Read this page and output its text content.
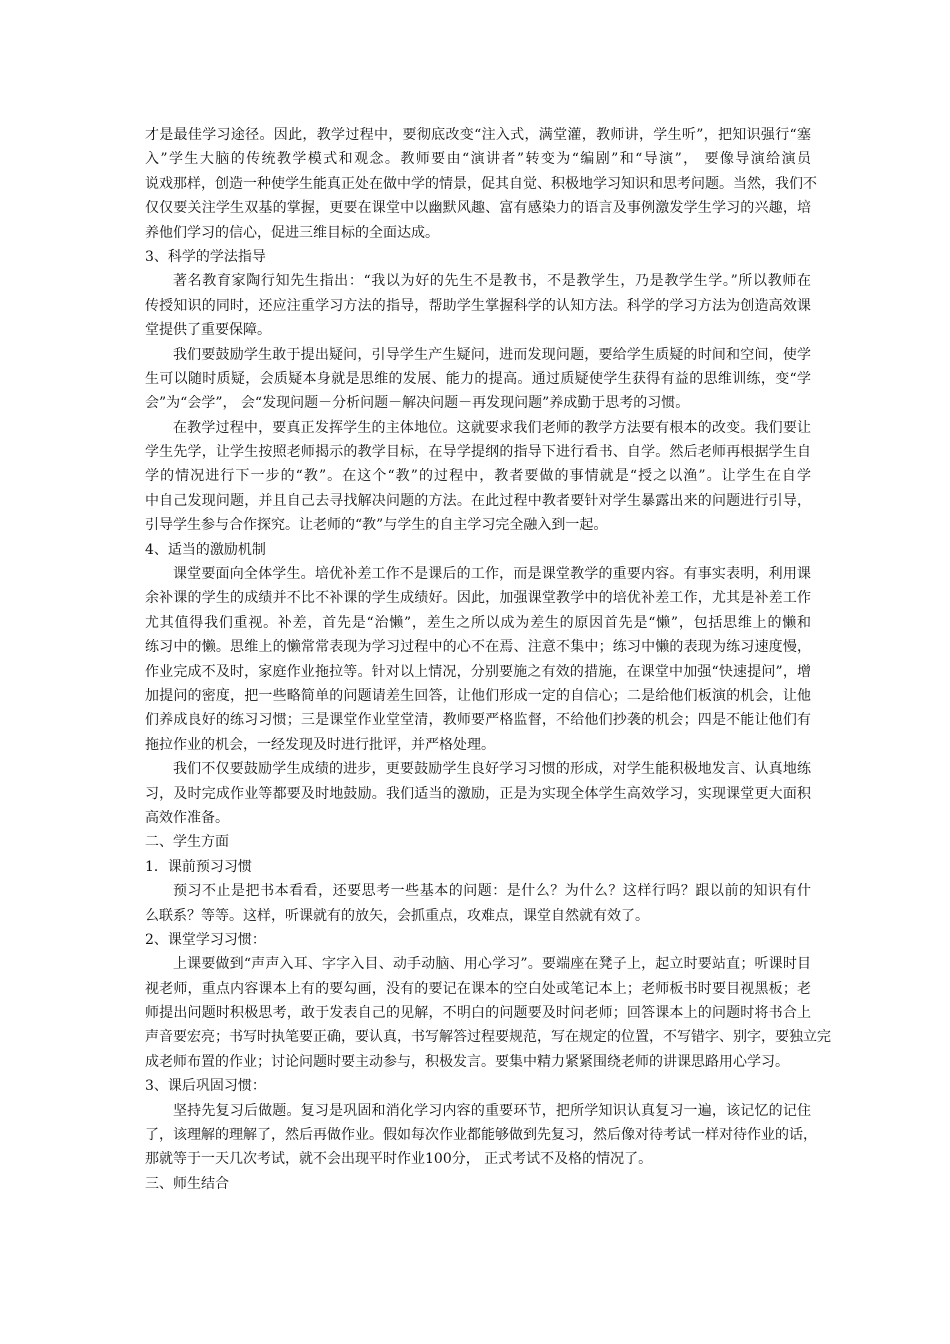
才是最佳学习途径。因此，教学过程中，要彻底改变“注入式，满堂灌，教师讲，学生听”，把知识强行“塞
入”学生大脑的传统教学模式和观念。教师要由“演讲者”转变为“编剧”和“导演”， 要像导演给演员
说戏那样，创造一种使学生能真正处在做中学的情景，促其自觉、积极地学习知识和思考问题。当然，我们不
仅仅要关注学生双基的掌握，更要在课堂中以幽默风趣、富有感染力的语言及事例激发学生学习的兴趣，培
养他们学习的信心，促进三维目标的全面达成。
3、科学的学法指导
著名教育家陶行知先生指出：“我以为好的先生不是教书，不是教学生，乃是教学生学。”所以教师在
传授知识的同时，还应注重学习方法的指导，帮助学生掌握科学的认知方法。科学的学习方法为创造高效课
堂提供了重要保障。
我们要鼓励学生敢于提出疑问，引导学生产生疑问，进而发现问题，要给学生质疑的时间和空间，使学
生可以随时质疑，会质疑本身就是思维的发展、能力的提高。通过质疑使学生获得有益的思维训练，变“学
会”为“会学”， 会“发现问题－分析问题－解决问题－再发现问题”养成勤于思考的习惯。
在教学过程中，要真正发挥学生的主体地位。这就要求我们老师的教学方法要有根本的改变。我们要让
学生先学，让学生按照老师揭示的教学目标，在导学提纲的指导下进行看书、自学。然后老师再根据学生自
学的情况进行下一步的“教”。在这个“教”的过程中，教者要做的事情就是“授之以渔”。让学生在自学
中自己发现问题，并且自己去寻找解决问题的方法。在此过程中教者要针对学生暴露出来的问题进行引导，
引导学生参与合作探究。让老师的“教”与学生的自主学习完全融入到一起。
4、适当的激励机制
课堂要面向全体学生。培优补差工作不是课后的工作，而是课堂教学的重要内容。有事实表明，利用课
余补课的学生的成绩并不比不补课的学生成绩好。因此，加强课堂教学中的培优补差工作，尤其是补差工作
尤其值得我们重视。补差，首先是“治懒”，差生之所以成为差生的原因首先是“懒”，包括思维上的懒和
练习中的懒。思维上的懒常常表现为学习过程中的心不在焉、注意不集中；练习中懒的表现为练习速度慢，
作业完成不及时，家庭作业拖拉等。针对以上情况，分别要施之有效的措施，在课堂中加强“快速提问”，增
加提问的密度，把一些略简单的问题请差生回答，让他们形成一定的自信心；二是给他们板演的机会，让他
们养成良好的练习习惯；三是课堂作业堂堂清，教师要严格监督，不给他们抄袭的机会；四是不能让他们有
拖拉作业的机会，一经发现及时进行批评，并严格处理。
我们不仅要鼓励学生成绩的进步，更要鼓励学生良好学习习惯的形成，对学生能积极地发言、认真地练
习，及时完成作业等都要及时地鼓励。我们适当的激励，正是为实现全体学生高效学习，实现课堂更大面积
高效作准备。
二、学生方面
1．课前预习习惯
预习不止是把书本看看，还要思考一些基本的问题：是什么？为什么？这样行吗？跟以前的知识有什
么联系？等等。这样，听课就有的放矢，会抓重点，攻难点，课堂自然就有效了。
2、课堂学习习惯：
上课要做到“声声入耳、字字入目、动手动脑、用心学习”。要端座在凳子上，起立时要站直；听课时目
视老师，重点内容课本上有的要勾画，没有的要记在课本的空白处或笔记本上；老师板书时要目视黑板；老
师提出问题时积极思考，敢于发表自己的见解，不明白的问题要及时问老师；回答课本上的问题时将书合上
声音要宏亮；书写时执笔要正确，要认真，书写解答过程要规范，写在规定的位置，不写错字、别字，要独立完
成老师布置的作业；讨论问题时要主动参与，积极发言。要集中精力紧紧围绕老师的讲课思路用心学习。
3、课后巩固习惯：
坚持先复习后做题。复习是巩固和消化学习内容的重要环节，把所学知识认真复习一遍，该记忆的记住
了，该理解的理解了，然后再做作业。假如每次作业都能够做到先复习，然后像对待考试一样对待作业的话，
那就等于一天几次考试，就不会出现平时作业100分， 正式考试不及格的情况了。
三、师生结合
